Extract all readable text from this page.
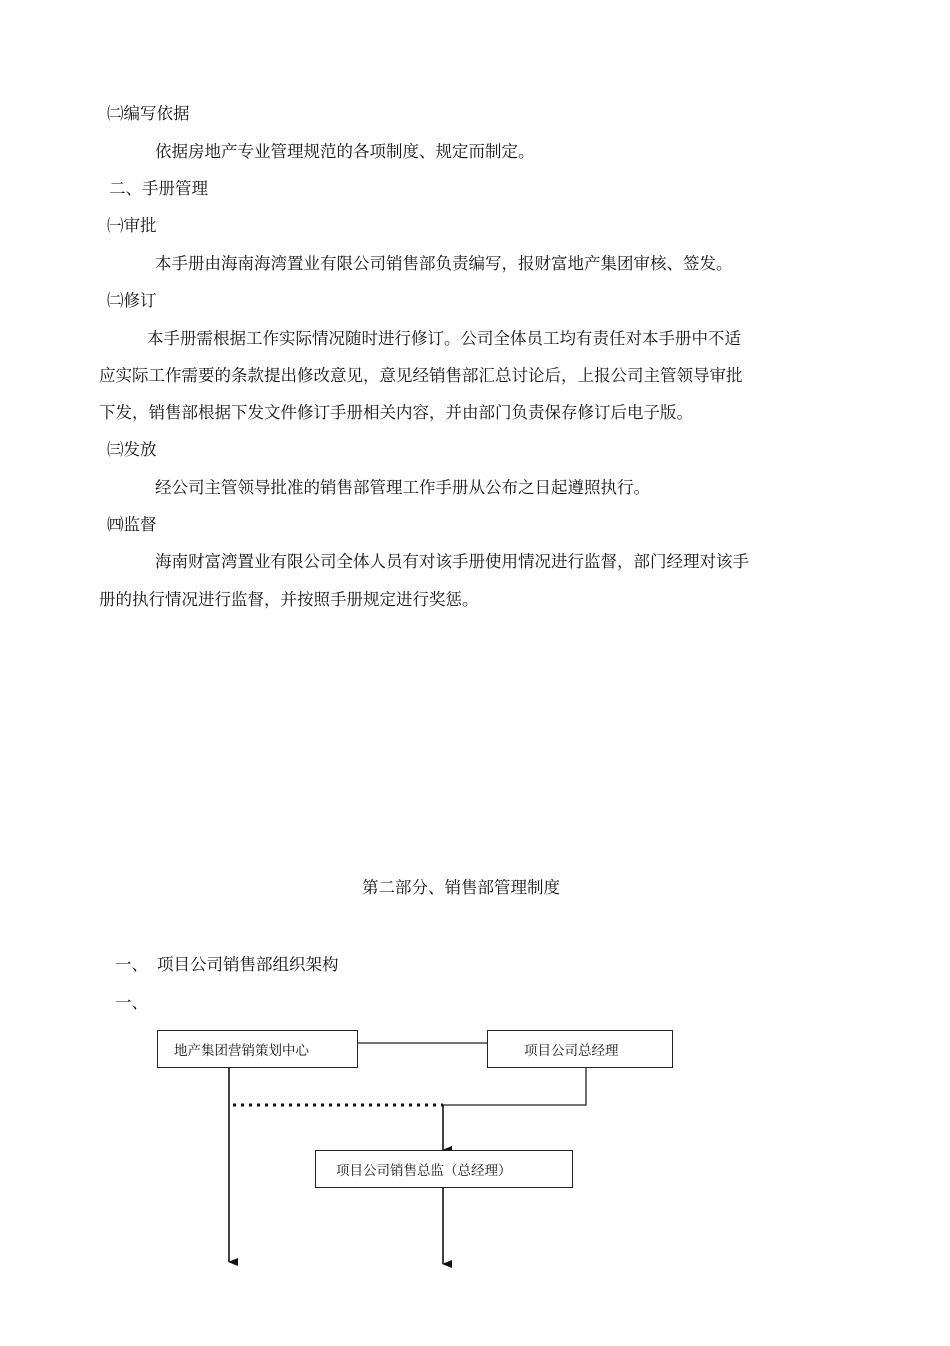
㈡编写依据
依据房地产专业管理规范的各项制度、规定而制定。
二、手册管理
㈠审批
本手册由海南海湾置业有限公司销售部负责编写，报财富地产集团审核、签发。
㈡修订
本手册需根据工作实际情况随时进行修订。公司全体员工均有责任对本手册中不适
应实际工作需要的条款提出修改意见，意见经销售部汇总讨论后，上报公司主管领导审批
下发，销售部根据下发文件修订手册相关内容，并由部门负责保存修订后电子版。
㈢发放
经公司主管领导批准的销售部管理工作手册从公布之日起遵照执行。
㈣监督
海南财富湾置业有限公司全体人员有对该手册使用情况进行监督，部门经理对该手
册的执行情况进行监督，并按照手册规定进行奖惩。
第二部分、销售部管理制度
一、 项目公司销售部组织架构
一、
地产集团营销策划中心	项目公司总经理
项目公司销售总监（总经理）
